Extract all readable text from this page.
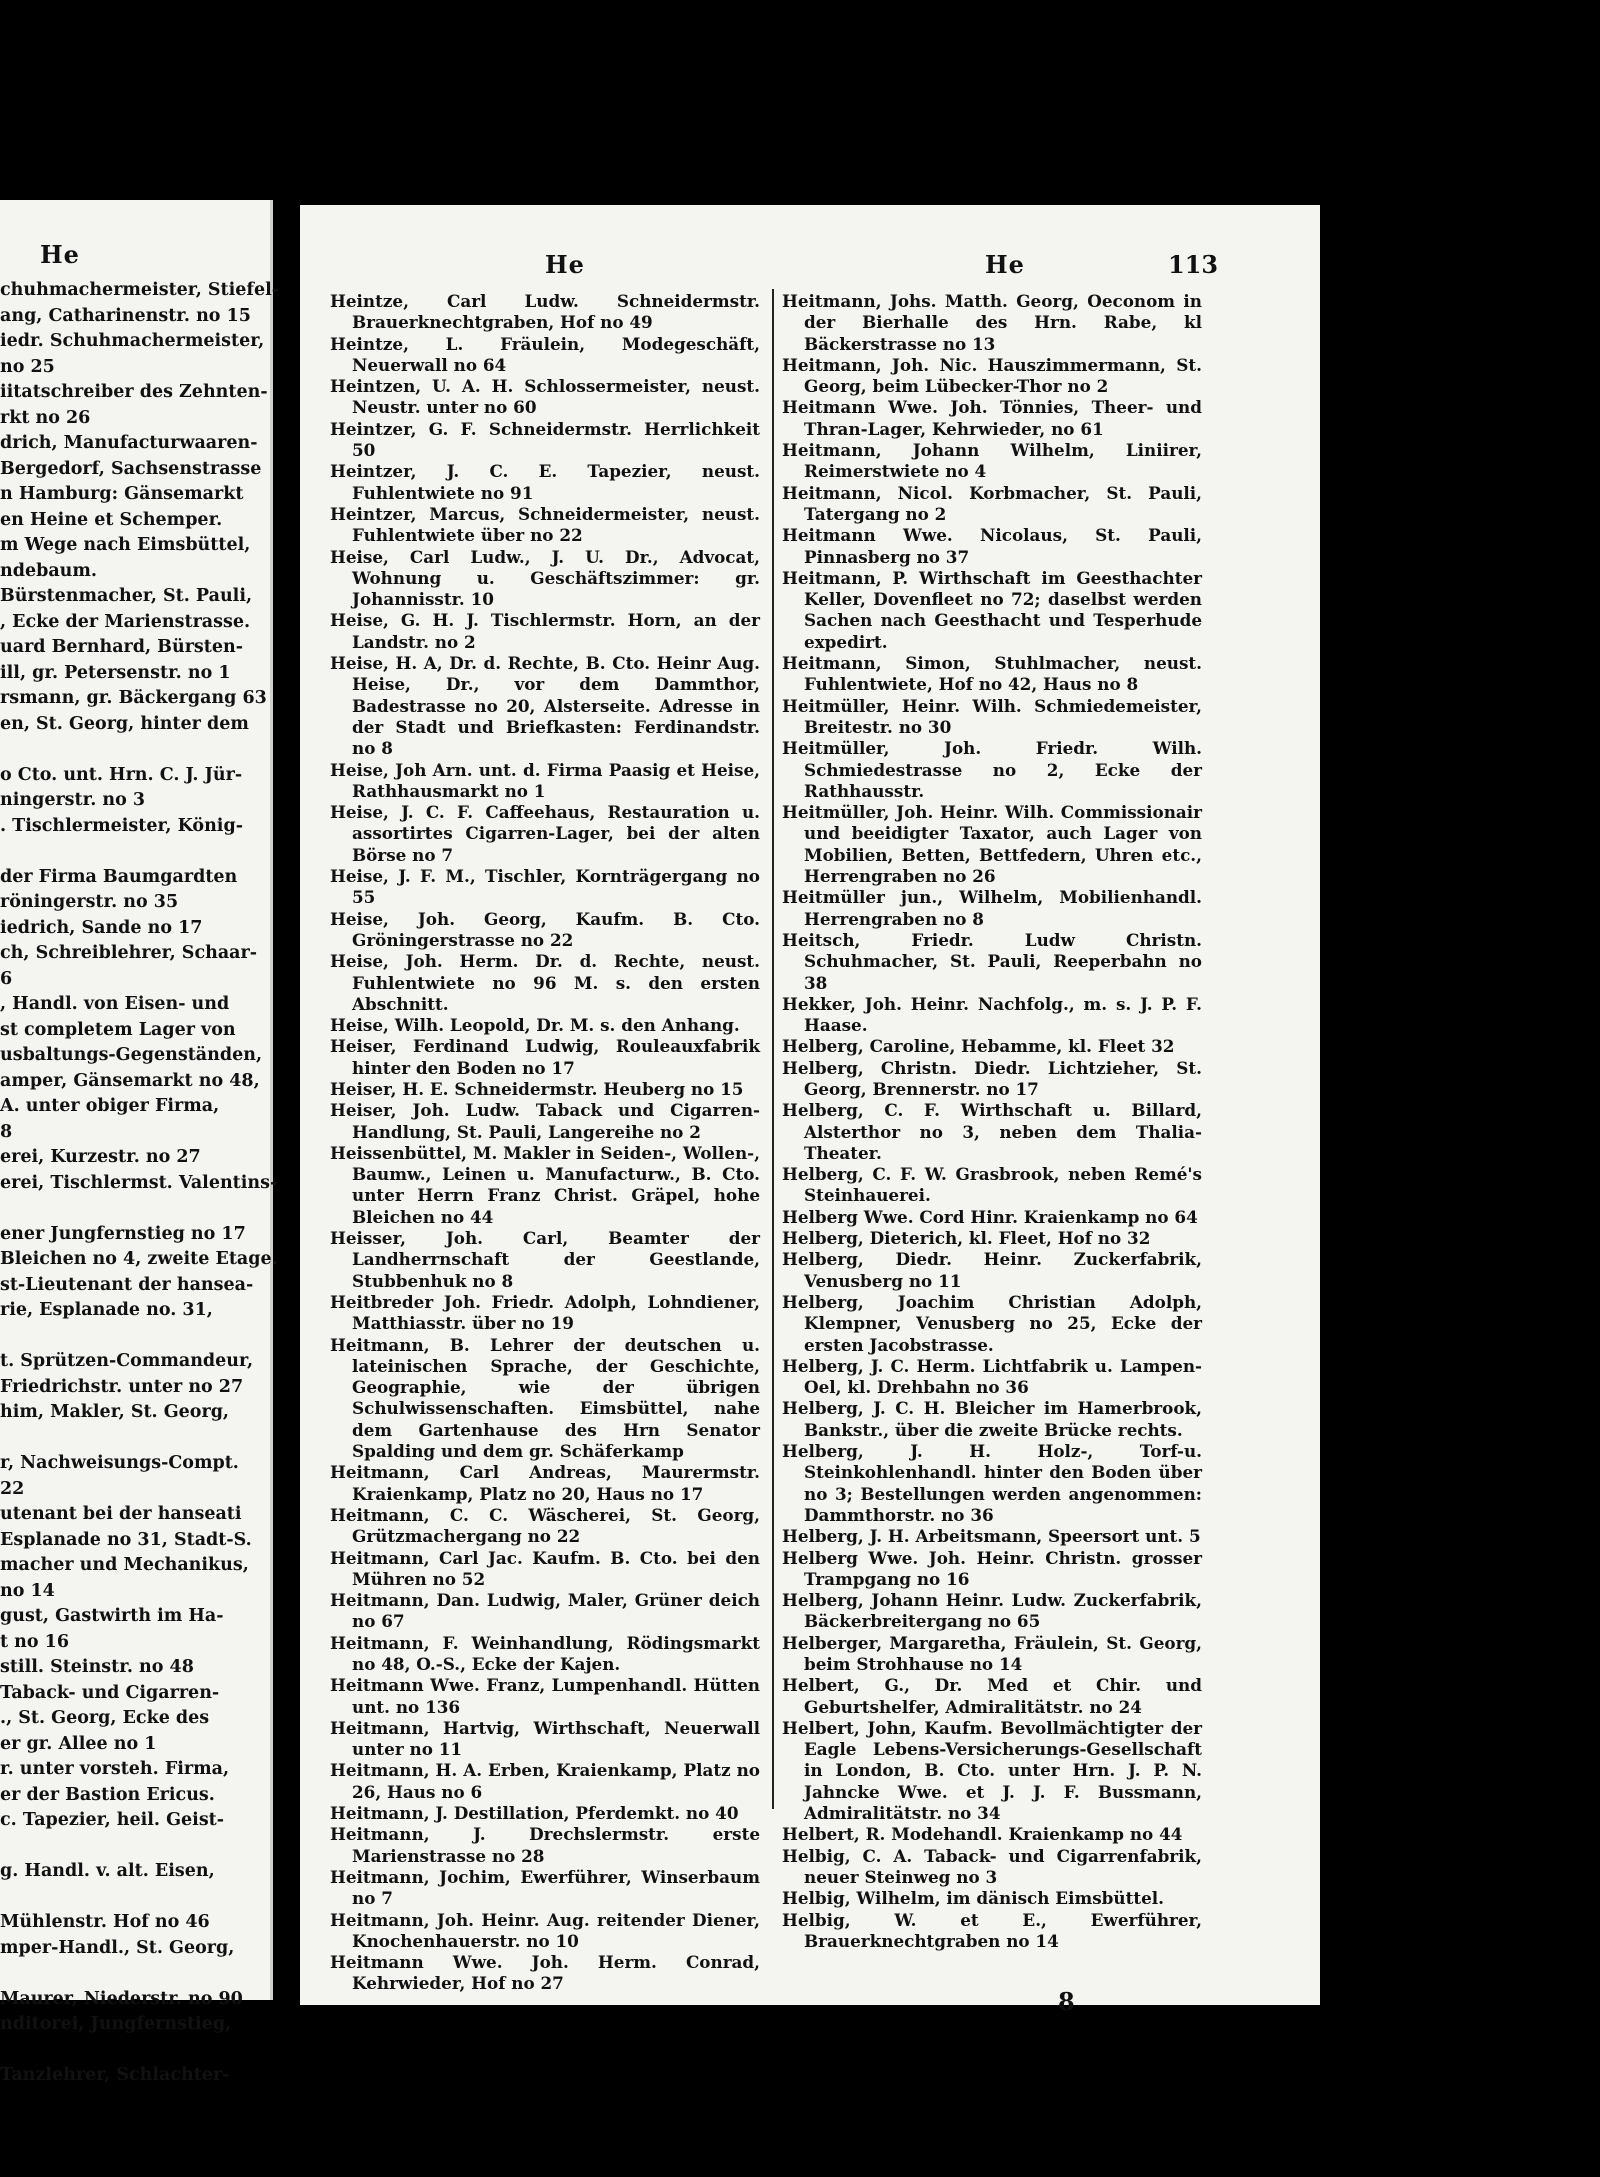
He
chuhmachermeister, Stiefel-
ang, Catharinenstr. no 15
iedr. Schuhmachermeister,
no 25
iitatschreiber des Zehnten-
rkt no 26
drich, Manufacturwaaren-
Bergedorf, Sachsenstrasse
n Hamburg: Gänsemarkt
en Heine et Schemper.
m Wege nach Eimsbüttel,
ndebaum.
Bürstenmacher, St. Pauli,
, Ecke der Marienstrasse.
uard Bernhard, Bürsten-
ill, gr. Petersenstr. no 1
rsmann, gr. Bäckergang 63
en, St. Georg, hinter dem

o Cto. unt. Hrn. C. J. Jür-
ningerstr. no 3
. Tischlermeister, König-

der Firma Baumgardten
röningerstr. no 35
iedrich, Sande no 17
ch, Schreiblehrer, Schaar-
6
, Handl. von Eisen- und
st completem Lager von
usbaltungs-Gegenständen,
amper, Gänsemarkt no 48,
A. unter obiger Firma,
8
erei, Kurzestr. no 27
erei, Tischlermst. Valentins-

ener Jungfernstieg no 17
Bleichen no 4, zweite Etage.
st-Lieutenant der hansea-
rie, Esplanade no. 31,

t. Sprützen-Commandeur,
Friedrichstr. unter no 27
him, Makler, St. Georg,

r, Nachweisungs-Compt.
22
utenant bei der hanseati
Esplanade no 31, Stadt-S.
macher und Mechanikus,
no 14
gust, Gastwirth im Ha-
t no 16
still. Steinstr. no 48
Taback- und Cigarren-
., St. Georg, Ecke des
er gr. Allee no 1
r. unter vorsteh. Firma,
er der Bastion Ericus.
c. Tapezier, heil. Geist-

g. Handl. v. alt. Eisen,

Mühlenstr. Hof no 46
mper-Handl., St. Georg,

Maurer, Niederstr. no 90
nditorei, Jungfernstieg,

Tanzlehrer, Schlachter-
He	He	113

Heintze, Carl Ludw. Schneidermstr. Brauerknechtgraben, Hof no 49

Heintze, L. Fräulein, Modegeschäft, Neuerwall no 64

Heintzen, U. A. H. Schlossermeister, neust. Neustr. unter no 60

Heintzer, G. F. Schneidermstr. Herrlichkeit 50

Heintzer, J. C. E. Tapezier, neust. Fuhlentwiete no 91

Heintzer, Marcus, Schneidermeister, neust. Fuhlentwiete über no 22

Heise, Carl Ludw., J. U. Dr., Advocat, Wohnung u. Geschäftszimmer: gr. Johannisstr. 10

Heise, G. H. J. Tischlermstr. Horn, an der Landstr. no 2

Heise, H. A, Dr. d. Rechte, B. Cto. Heinr Aug. Heise, Dr., vor dem Dammthor, Badestrasse no 20, Alsterseite. Adresse in der Stadt und Briefkasten: Ferdinandstr. no 8

Heise, Joh Arn. unt. d. Firma Paasig et Heise, Rathhausmarkt no 1

Heise, J. C. F. Caffeehaus, Restauration u. assortirtes Cigarren-Lager, bei der alten Börse no 7

Heise, J. F. M., Tischler, Kornträgergang no 55

Heise, Joh. Georg, Kaufm. B. Cto. Gröningerstrasse no 22

Heise, Joh. Herm. Dr. d. Rechte, neust. Fuhlentwiete no 96 M. s. den ersten Abschnitt.

Heise, Wilh. Leopold, Dr. M. s. den Anhang.

Heiser, Ferdinand Ludwig, Rouleauxfabrik hinter den Boden no 17

Heiser, H. E. Schneidermstr. Heuberg no 15

Heiser, Joh. Ludw. Taback und Cigarren-Handlung, St. Pauli, Langereihe no 2

Heissenbüttel, M. Makler in Seiden-, Wollen-, Baumw., Leinen u. Manufacturw., B. Cto. unter Herrn Franz Christ. Gräpel, hohe Bleichen no 44

Heisser, Joh. Carl, Beamter der Landherrnschaft der Geestlande, Stubbenhuk no 8

Heitbreder Joh. Friedr. Adolph, Lohndiener, Matthiasstr. über no 19

Heitmann, B. Lehrer der deutschen u. lateinischen Sprache, der Geschichte, Geographie, wie der übrigen Schulwissenschaften. Eimsbüttel, nahe dem Gartenhause des Hrn Senator Spalding und dem gr. Schäferkamp

Heitmann, Carl Andreas, Maurermstr. Kraienkamp, Platz no 20, Haus no 17

Heitmann, C. C. Wäscherei, St. Georg, Grützmachergang no 22

Heitmann, Carl Jac. Kaufm. B. Cto. bei den Mühren no 52

Heitmann, Dan. Ludwig, Maler, Grüner deich no 67

Heitmann, F. Weinhandlung, Rödingsmarkt no 48, O.-S., Ecke der Kajen.

Heitmann Wwe. Franz, Lumpenhandl. Hütten unt. no 136

Heitmann, Hartvig, Wirthschaft, Neuerwall unter no 11

Heitmann, H. A. Erben, Kraienkamp, Platz no 26, Haus no 6

Heitmann, J. Destillation, Pferdemkt. no 40

Heitmann, J. Drechslermstr. erste Marienstrasse no 28

Heitmann, Jochim, Ewerführer, Winserbaum no 7

Heitmann, Joh. Heinr. Aug. reitender Diener, Knochenhauerstr. no 10

Heitmann Wwe. Joh. Herm. Conrad, Kehrwieder, Hof no 27

Heitmann, Johs. Matth. Georg, Oeconom in der Bierhalle des Hrn. Rabe, kl Bäckerstrasse no 13

Heitmann, Joh. Nic. Hauszimmermann, St. Georg, beim Lübecker-Thor no 2

Heitmann Wwe. Joh. Tönnies, Theer- und Thran-Lager, Kehrwieder, no 61

Heitmann, Johann Wilhelm, Liniirer, Reimerstwiete no 4

Heitmann, Nicol. Korbmacher, St. Pauli, Tatergang no 2

Heitmann Wwe. Nicolaus, St. Pauli, Pinnasberg no 37

Heitmann, P. Wirthschaft im Geesthachter Keller, Dovenfleet no 72; daselbst werden Sachen nach Geesthacht und Tesperhude expedirt.

Heitmann, Simon, Stuhlmacher, neust. Fuhlentwiete, Hof no 42, Haus no 8

Heitmüller, Heinr. Wilh. Schmiedemeister, Breitestr. no 30

Heitmüller, Joh. Friedr. Wilh. Schmiedestrasse no 2, Ecke der Rathhausstr.

Heitmüller, Joh. Heinr. Wilh. Commissionair und beeidigter Taxator, auch Lager von Mobilien, Betten, Bettfedern, Uhren etc., Herrengraben no 26

Heitmüller jun., Wilhelm, Mobilienhandl. Herrengraben no 8

Heitsch, Friedr. Ludw Christn. Schuhmacher, St. Pauli, Reeperbahn no 38

Hekker, Joh. Heinr. Nachfolg., m. s. J. P. F. Haase.

Helberg, Caroline, Hebamme, kl. Fleet 32

Helberg, Christn. Diedr. Lichtzieher, St. Georg, Brennerstr. no 17

Helberg, C. F. Wirthschaft u. Billard, Alsterthor no 3, neben dem Thalia-Theater.

Helberg, C. F. W. Grasbrook, neben Remé's Steinhauerei.

Helberg Wwe. Cord Hinr. Kraienkamp no 64

Helberg, Dieterich, kl. Fleet, Hof no 32

Helberg, Diedr. Heinr. Zuckerfabrik, Venusberg no 11

Helberg, Joachim Christian Adolph, Klempner, Venusberg no 25, Ecke der ersten Jacobstrasse.

Helberg, J. C. Herm. Lichtfabrik u. Lampen-Oel, kl. Drehbahn no 36

Helberg, J. C. H. Bleicher im Hamerbrook, Bankstr., über die zweite Brücke rechts.

Helberg, J. H. Holz-, Torf-u. Steinkohlenhandl. hinter den Boden über no 3; Bestellungen werden angenommen: Dammthorstr. no 36

Helberg, J. H. Arbeitsmann, Speersort unt. 5

Helberg Wwe. Joh. Heinr. Christn. grosser Trampgang no 16

Helberg, Johann Heinr. Ludw. Zuckerfabrik, Bäckerbreitergang no 65

Helberger, Margaretha, Fräulein, St. Georg, beim Strohhause no 14

Helbert, G., Dr. Med et Chir. und Geburtshelfer, Admiralitätstr. no 24

Helbert, John, Kaufm. Bevollmächtigter der Eagle Lebens-Versicherungs-Gesellschaft in London, B. Cto. unter Hrn. J. P. N. Jahncke Wwe. et J. J. F. Bussmann, Admiralitätstr. no 34

Helbert, R. Modehandl. Kraienkamp no 44

Helbig, C. A. Taback- und Cigarrenfabrik, neuer Steinweg no 3

Helbig, Wilhelm, im dänisch Eimsbüttel.

Helbig, W. et E., Ewerführer, Brauerknechtgraben no 14

8
